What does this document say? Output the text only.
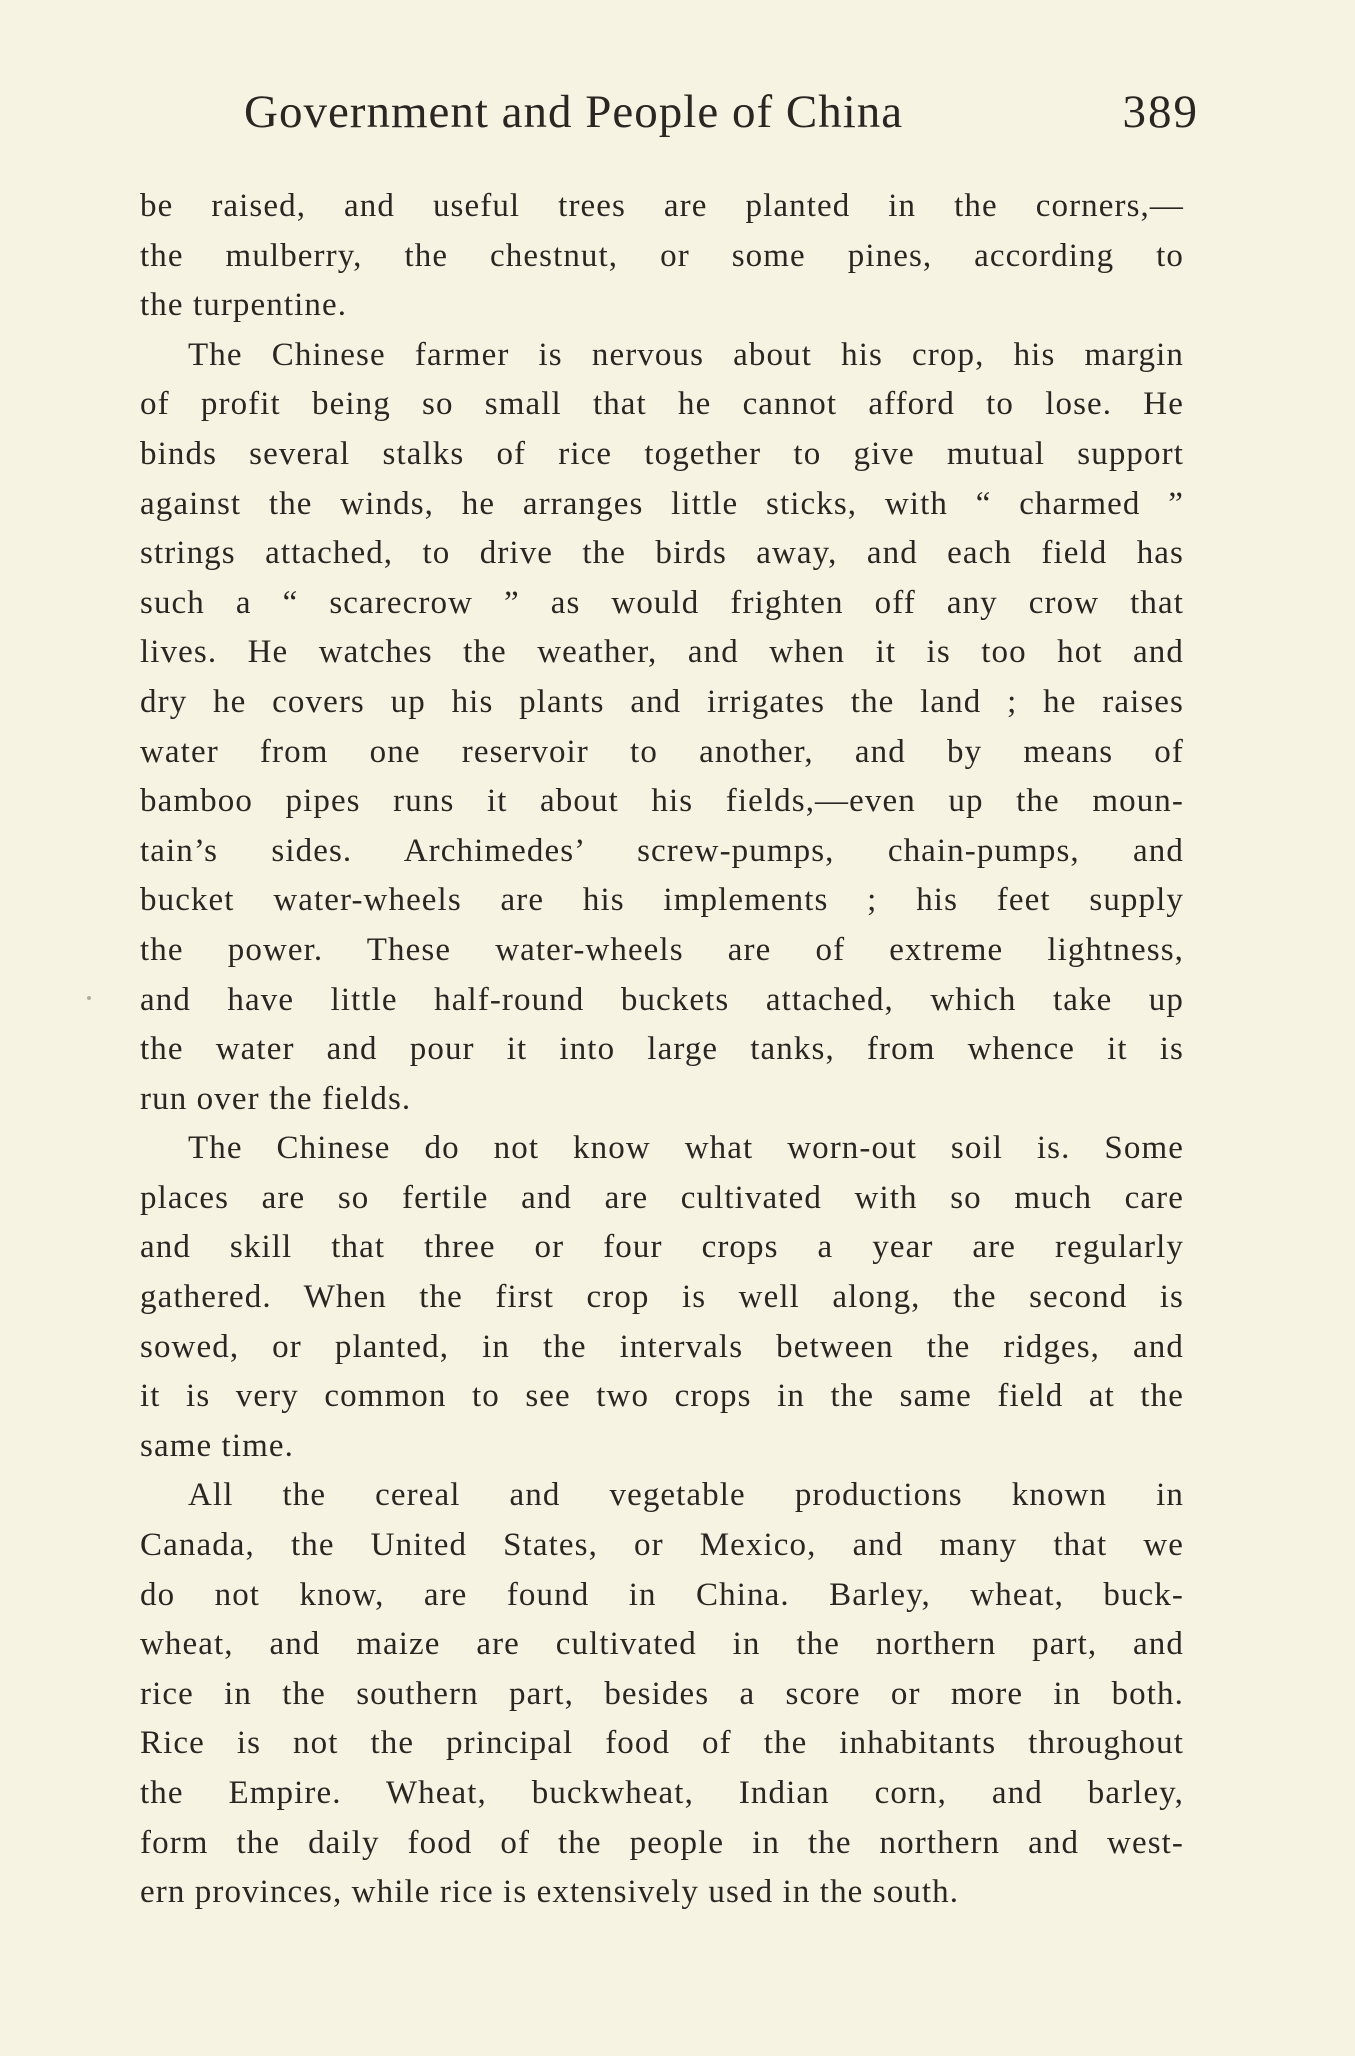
Government and People of China	389
be raised, and useful trees are planted in the corners,—
the mulberry, the chestnut, or some pines, according to
the turpentine.
The Chinese farmer is nervous about his crop, his margin
of profit being so small that he cannot afford to lose. He
binds several stalks of rice together to give mutual support
against the winds, he arranges little sticks, with “ charmed ”
strings attached, to drive the birds away, and each field has
such a “ scarecrow ” as would frighten off any crow that
lives. He watches the weather, and when it is too hot and
dry he covers up his plants and irrigates the land ; he raises
water from one reservoir to another, and by means of
bamboo pipes runs it about his fields,—even up the moun-
tain’s sides. Archimedes’ screw-pumps, chain-pumps, and
bucket water-wheels are his implements ; his feet supply
the power. These water-wheels are of extreme lightness,
and have little half-round buckets attached, which take up
the water and pour it into large tanks, from whence it is
run over the fields.
The Chinese do not know what worn-out soil is. Some
places are so fertile and are cultivated with so much care
and skill that three or four crops a year are regularly
gathered. When the first crop is well along, the second is
sowed, or planted, in the intervals between the ridges, and
it is very common to see two crops in the same field at the
same time.
All the cereal and vegetable productions known in
Canada, the United States, or Mexico, and many that we
do not know, are found in China. Barley, wheat, buck-
wheat, and maize are cultivated in the northern part, and
rice in the southern part, besides a score or more in both.
Rice is not the principal food of the inhabitants throughout
the Empire. Wheat, buckwheat, Indian corn, and barley,
form the daily food of the people in the northern and west-
ern provinces, while rice is extensively used in the south.
